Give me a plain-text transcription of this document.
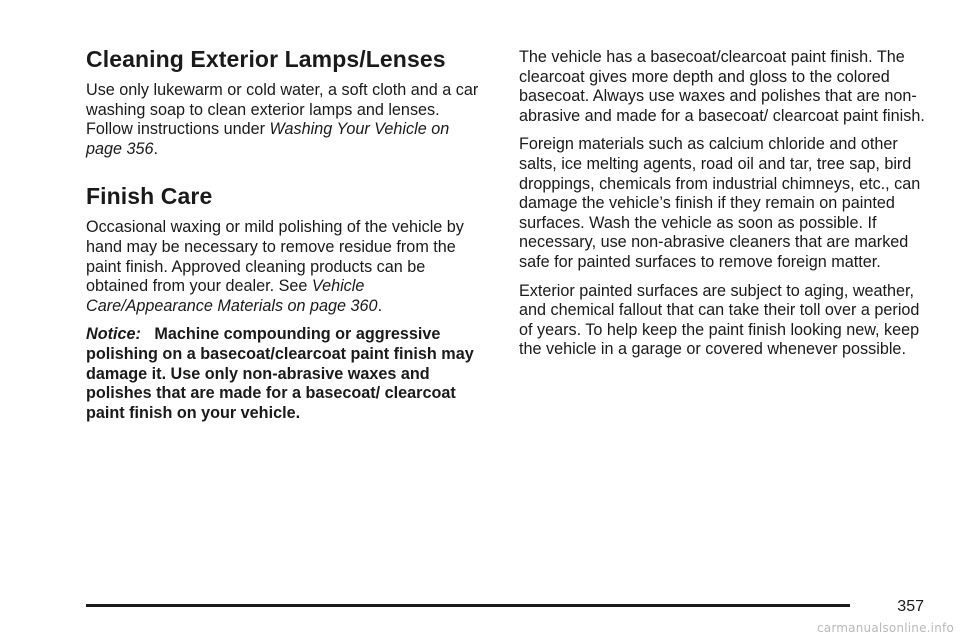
Cleaning Exterior Lamps/Lenses

Use only lukewarm or cold water, a soft cloth and a car washing soap to clean exterior lamps and lenses. Follow instructions under Washing Your Vehicle on page 356.

Finish Care

Occasional waxing or mild polishing of the vehicle by hand may be necessary to remove residue from the paint finish. Approved cleaning products can be obtained from your dealer. See Vehicle Care/Appearance Materials on page 360.

Notice: Machine compounding or aggressive polishing on a basecoat/clearcoat paint finish may damage it. Use only non-abrasive waxes and polishes that are made for a basecoat/ clearcoat paint finish on your vehicle.

The vehicle has a basecoat/clearcoat paint finish. The clearcoat gives more depth and gloss to the colored basecoat. Always use waxes and polishes that are non-abrasive and made for a basecoat/ clearcoat paint finish.

Foreign materials such as calcium chloride and other salts, ice melting agents, road oil and tar, tree sap, bird droppings, chemicals from industrial chimneys, etc., can damage the vehicle’s finish if they remain on painted surfaces. Wash the vehicle as soon as possible. If necessary, use non-abrasive cleaners that are marked safe for painted surfaces to remove foreign matter.

Exterior painted surfaces are subject to aging, weather, and chemical fallout that can take their toll over a period of years. To help keep the paint finish looking new, keep the vehicle in a garage or covered whenever possible.

357
carmanualsonline.info
